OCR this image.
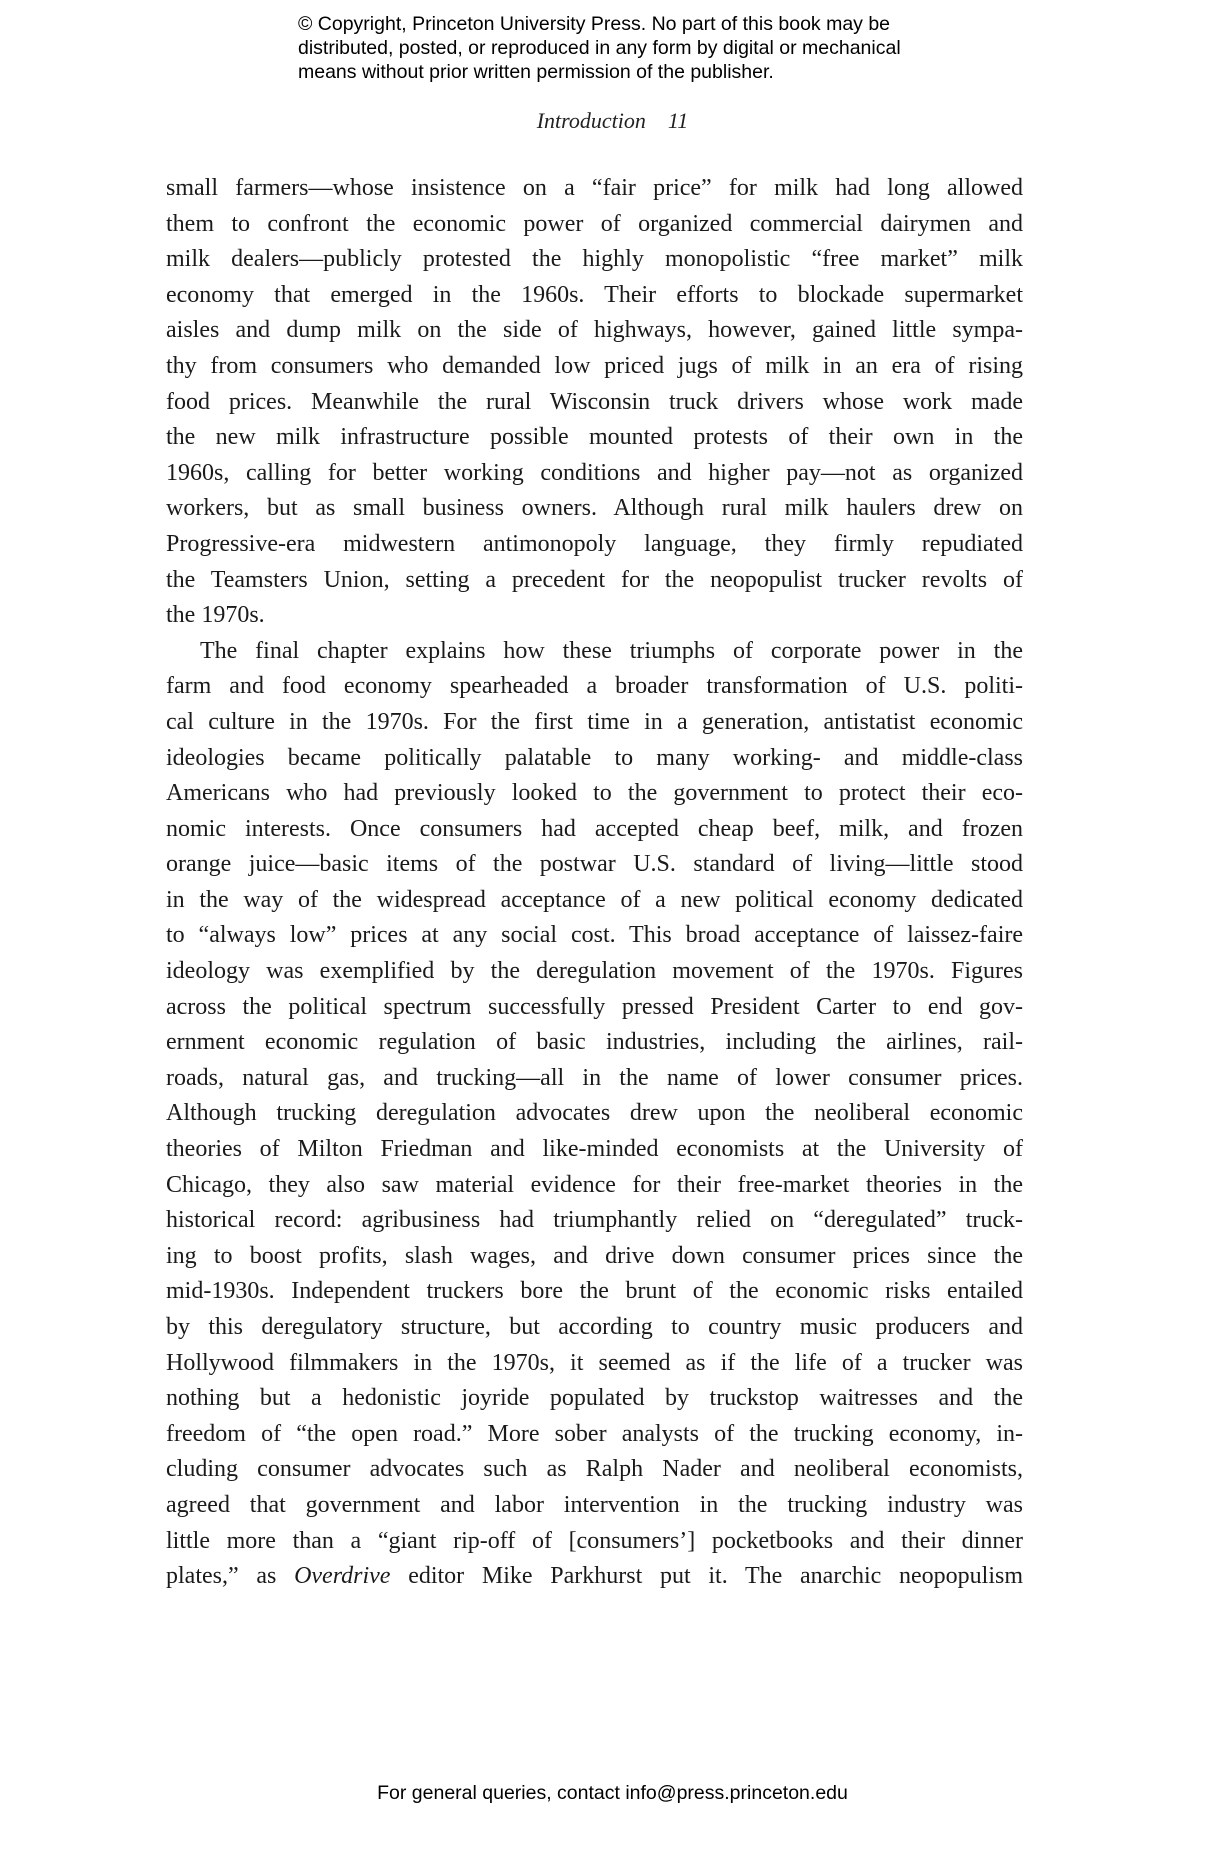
© Copyright, Princeton University Press. No part of this book may be
distributed, posted, or reproduced in any form by digital or mechanical
means without prior written permission of the publisher.
Introduction 11
small farmers—whose insistence on a “fair price” for milk had long allowed
them to confront the economic power of organized commercial dairymen and
milk dealers—publicly protested the highly monopolistic “free market” milk
economy that emerged in the 1960s. Their efforts to blockade supermarket
aisles and dump milk on the side of highways, however, gained little sympa-
thy from consumers who demanded low priced jugs of milk in an era of rising
food prices. Meanwhile the rural Wisconsin truck drivers whose work made
the new milk infrastructure possible mounted protests of their own in the
1960s, calling for better working conditions and higher pay—not as organized
workers, but as small business owners. Although rural milk haulers drew on
Progressive-era midwestern antimonopoly language, they firmly repudiated
the Teamsters Union, setting a precedent for the neopopulist trucker revolts of
the 1970s.
The final chapter explains how these triumphs of corporate power in the
farm and food economy spearheaded a broader transformation of U.S. politi-
cal culture in the 1970s. For the first time in a generation, antistatist economic
ideologies became politically palatable to many working- and middle-class
Americans who had previously looked to the government to protect their eco-
nomic interests. Once consumers had accepted cheap beef, milk, and frozen
orange juice—basic items of the postwar U.S. standard of living—little stood
in the way of the widespread acceptance of a new political economy dedicated
to “always low” prices at any social cost. This broad acceptance of laissez-faire
ideology was exemplified by the deregulation movement of the 1970s. Figures
across the political spectrum successfully pressed President Carter to end gov-
ernment economic regulation of basic industries, including the airlines, rail-
roads, natural gas, and trucking—all in the name of lower consumer prices.
Although trucking deregulation advocates drew upon the neoliberal economic
theories of Milton Friedman and like-minded economists at the University of
Chicago, they also saw material evidence for their free-market theories in the
historical record: agribusiness had triumphantly relied on “deregulated” truck-
ing to boost profits, slash wages, and drive down consumer prices since the
mid-1930s. Independent truckers bore the brunt of the economic risks entailed
by this deregulatory structure, but according to country music producers and
Hollywood filmmakers in the 1970s, it seemed as if the life of a trucker was
nothing but a hedonistic joyride populated by truckstop waitresses and the
freedom of “the open road.” More sober analysts of the trucking economy, in-
cluding consumer advocates such as Ralph Nader and neoliberal economists,
agreed that government and labor intervention in the trucking industry was
little more than a “giant rip-off of [consumers’] pocketbooks and their dinner
plates,” as Overdrive editor Mike Parkhurst put it. The anarchic neopopulism
For general queries, contact info@press.princeton.edu
